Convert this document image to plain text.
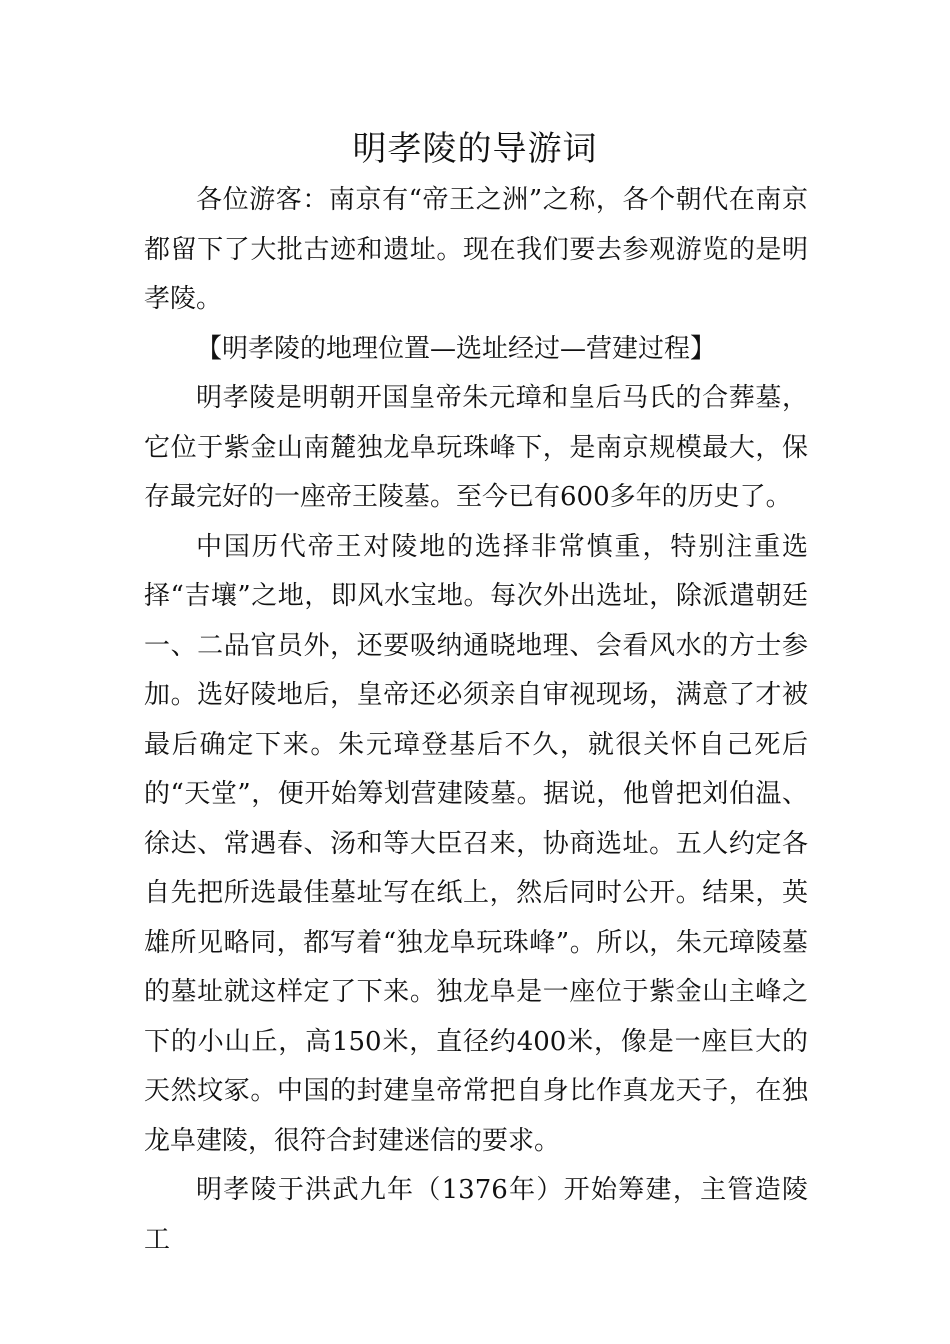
明孝陵的导游词

各位游客：南京有“帝王之洲”之称，各个朝代在南京都留下了大批古迹和遗址。现在我们要去参观游览的是明孝陵。

【明孝陵的地理位置—选址经过—营建过程】

明孝陵是明朝开国皇帝朱元璋和皇后马氏的合葬墓，它位于紫金山南麓独龙阜玩珠峰下，是南京规模最大，保存最完好的一座帝王陵墓。至今已有600多年的历史了。

中国历代帝王对陵地的选择非常慎重，特别注重选择“吉壤”之地，即风水宝地。每次外出选址，除派遣朝廷一、二品官员外，还要吸纳通晓地理、会看风水的方士参加。选好陵地后，皇帝还必须亲自审视现场，满意了才被最后确定下来。朱元璋登基后不久，就很关怀自己死后的“天堂”，便开始筹划营建陵墓。据说，他曾把刘伯温、徐达、常遇春、汤和等大臣召来，协商选址。五人约定各自先把所选最佳墓址写在纸上，然后同时公开。结果，英雄所见略同，都写着“独龙阜玩珠峰”。所以，朱元璋陵墓的墓址就这样定了下来。独龙阜是一座位于紫金山主峰之下的小山丘，高150米，直径约400米，像是一座巨大的天然坟冢。中国的封建皇帝常把自身比作真龙天子，在独龙阜建陵，很符合封建迷信的要求。

明孝陵于洪武九年（1376年）开始筹建，主管造陵工
